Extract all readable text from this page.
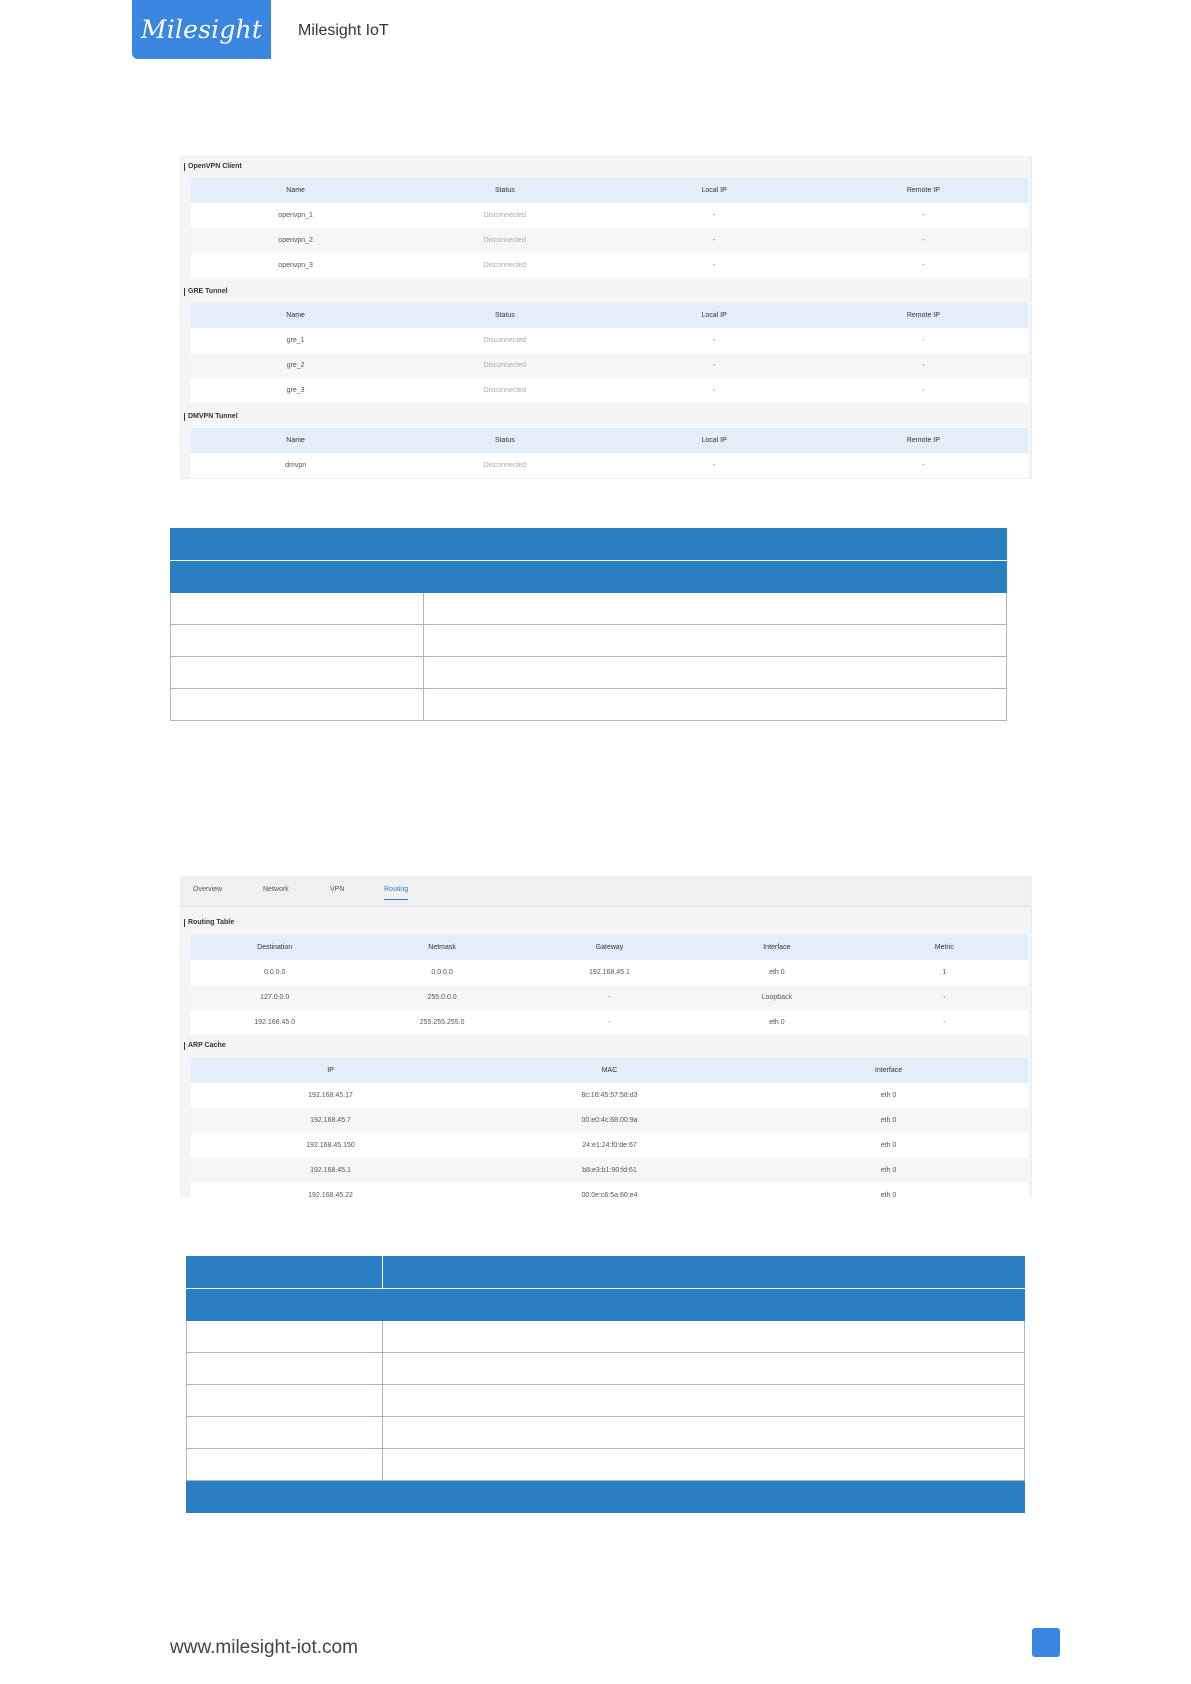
Milesight	Milesight IoT
OpenVPN Client
Name	Status	Local IP	Remote IP
openvpn_1	Disconnected	-	-
openvpn_2	Disconnected	-	-
openvpn_3	Disconnected	-	-
GRE Tunnel
Name	Status	Local IP	Remote IP
gre_1	Disconnected	-	-
gre_2	Disconnected	-	-
gre_3	Disconnected	-	-
DMVPN Tunnel
Name	Status	Local IP	Remote IP
dmvpn	Disconnected	-	-

Overview	Network	VPN	Routing
Routing Table
Destination	Netmask	Gateway	Interface	Metric
0.0.0.0	0.0.0.0	192.168.45.1	eth 0	1
127.0.0.0	255.0.0.0	-	Loopback	-
192.168.45.0	255.255.255.0	-	eth 0	-
ARP Cache
IP	MAC	Interface
192.168.45.17	8c:16:45:57:58:d3	eth 0
192.168.45.7	00:e0:4c:68:00:9a	eth 0
192.168.45.150	24:e1:24:f0:de:67	eth 0
192.168.45.1	b8:e3:b1:90:fd:61	eth 0
192.168.45.22	00:0e:c6:5a:60:e4	eth 0

www.milesight-iot.com
